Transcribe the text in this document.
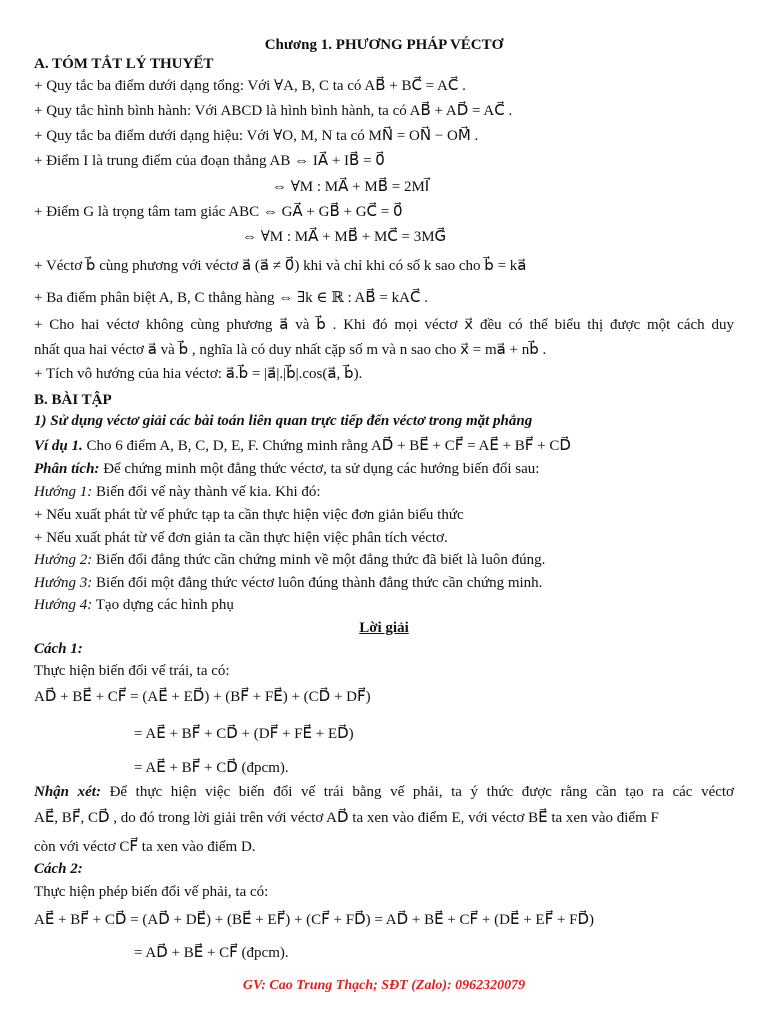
Chương 1. PHƯƠNG PHÁP VÉCTƠ
A. TÓM TẮT LÝ THUYẾT
+ Quy tắc ba điểm dưới dạng tổng: Với ∀A, B, C ta có AB⃗ + BC⃗ = AC⃗ .
+ Quy tắc hình bình hành: Với ABCD là hình bình hành, ta có AB⃗ + AD⃗ = AC⃗ .
+ Quy tắc ba điểm dưới dạng hiệu: Với ∀O, M, N ta có MN⃗ = ON⃗ − OM⃗ .
+ Điểm I là trung điểm của đoạn thẳng AB ⇔ IA⃗ + IB⃗ = 0⃗
⇔ ∀M : MA⃗ + MB⃗ = 2MI⃗
+ Điểm G là trọng tâm tam giác ABC ⇔ GA⃗ + GB⃗ + GC⃗ = 0⃗
⇔ ∀M : MA⃗ + MB⃗ + MC⃗ = 3MG⃗
+ Véctơ b⃗ cùng phương với véctơ a⃗ (a⃗ ≠ 0⃗) khi và chỉ khi có số k sao cho b⃗ = ka⃗
+ Ba điểm phân biệt A, B, C thẳng hàng ⇔ ∃k ∈ ℝ : AB⃗ = kAC⃗ .
+ Cho hai véctơ không cùng phương a⃗ và b⃗ . Khi đó mọi véctơ x⃗ đều có thể biểu thị được một cách duy
nhất qua hai véctơ a⃗ và b⃗ , nghĩa là có duy nhất cặp số m và n sao cho x⃗ = ma⃗ + nb⃗ .
+ Tích vô hướng của hia véctơ: a⃗.b⃗ = |a⃗|.|b⃗|.cos(a⃗, b⃗).
B. BÀI TẬP
1) Sử dụng véctơ giải các bài toán liên quan trực tiếp đến véctơ trong mặt phẳng
Ví dụ 1. Cho 6 điểm A, B, C, D, E, F. Chứng minh rằng AD⃗ + BE⃗ + CF⃗ = AE⃗ + BF⃗ + CD⃗
Phân tích: Để chứng minh một đẳng thức véctơ, ta sử dụng các hướng biến đổi sau:
Hướng 1: Biến đổi vế này thành vế kia. Khi đó:
+ Nếu xuất phát từ vế phức tạp ta cần thực hiện việc đơn giản biểu thức
+ Nếu xuất phát từ vế đơn giản ta cần thực hiện việc phân tích véctơ.
Hướng 2: Biến đổi đẳng thức cần chứng minh về một đẳng thức đã biết là luôn đúng.
Hướng 3: Biến đổi một đẳng thức véctơ luôn đúng thành đẳng thức cần chứng minh.
Hướng 4: Tạo dựng các hình phụ
Lời giải
Cách 1:
Thực hiện biến đổi vế trái, ta có:
AD⃗ + BE⃗ + CF⃗ = (AE⃗ + ED⃗) + (BF⃗ + FE⃗) + (CD⃗ + DF⃗)
= AE⃗ + BF⃗ + CD⃗ + (DF⃗ + FE⃗ + ED⃗)
= AE⃗ + BF⃗ + CD⃗ (đpcm).
Nhận xét: Để thực hiện việc biến đổi vế trái bằng vế phải, ta ý thức được rằng cần tạo ra các véctơ
AE⃗, BF⃗, CD⃗ , do đó trong lời giải trên với véctơ AD⃗ ta xen vào điểm E, với véctơ BE⃗ ta xen vào điểm F
còn với véctơ CF⃗ ta xen vào điểm D.
Cách 2:
Thực hiện phép biến đổi vế phải, ta có:
AE⃗ + BF⃗ + CD⃗ = (AD⃗ + DE⃗) + (BE⃗ + EF⃗) + (CF⃗ + FD⃗) = AD⃗ + BE⃗ + CF⃗ + (DE⃗ + EF⃗ + FD⃗)
= AD⃗ + BE⃗ + CF⃗ (đpcm).
GV: Cao Trung Thạch; SĐT (Zalo): 0962320079
